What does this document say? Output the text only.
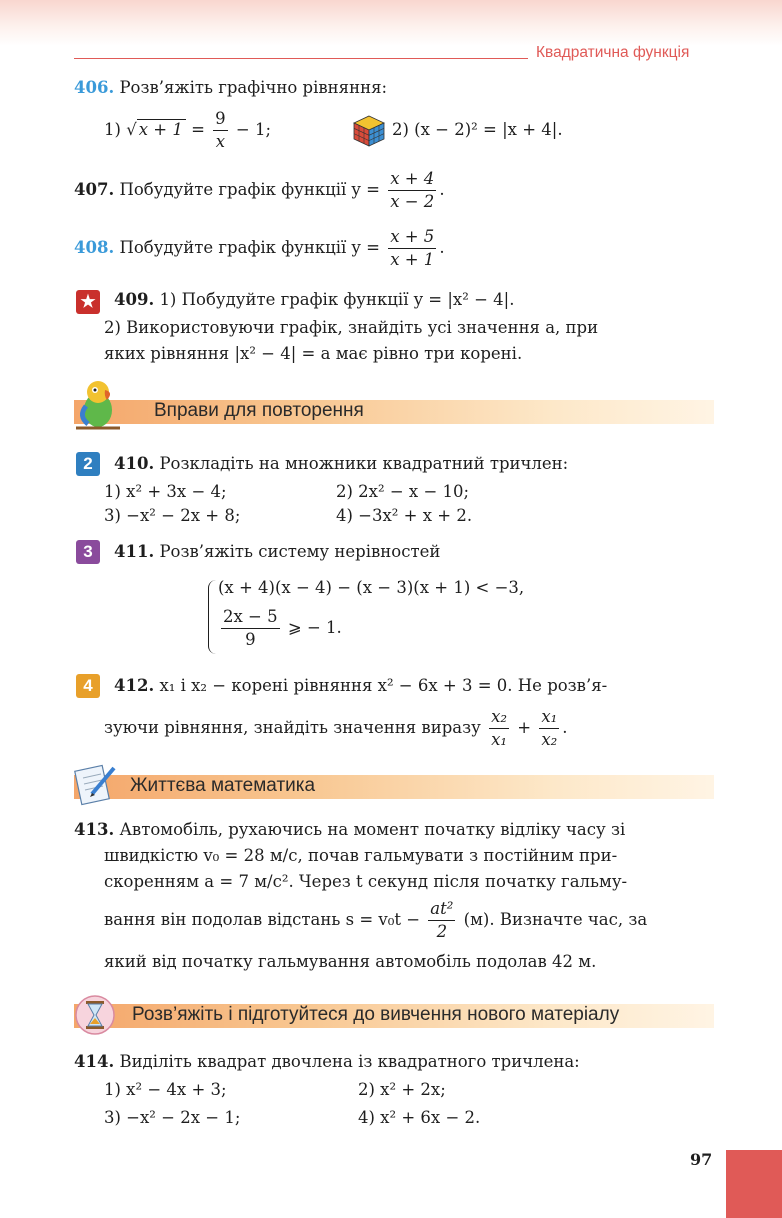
Квадратична функція
406. Розв’яжіть графічно рівняння:
1) √ $x + 1 = \frac{9}{x} - 1$;	2) (x − 2)² = |x + 4|.
407. Побудуйте графік функції $y = \frac{x + 4}{x - 2}$ .
408. Побудуйте графік функції $y = \frac{x + 5}{x + 1}$ .
★ 409. 1) Побудуйте графік функції y = |x² − 4|.
2) Використовуючи графік, знайдіть усі значення a, при
яких рівняння |x² − 4| = a має рівно три корені.
Вправи для повторення
2	410. Розкладіть на множники квадратний тричлен:
1) x² + 3x − 4;	2) 2x² − x − 10;
3) −x² − 2x + 8;	4) −3x² + x + 2.
3	411. Розв’яжіть систему нерівностей
(x + 4)(x − 4) − (x − 3)(x + 1) < −3,
$\frac{2x - 5}{9}$ ⩾ − 1.
4	412. x₁ і x₂ − корені рівняння x² − 6x + 3 = 0. Не розв’я-
зуючи рівняння, знайдіть значення виразу $\frac{\text{x₂}}{\text{x₁}} + \frac{\text{x₁}}{\text{x₂}}$ .
Життєва математика
413. Автомобіль, рухаючись на момент початку відліку часу зі
швидкістю v₀ = 28 м/с, почав гальмувати з постійним при-
скоренням a = 7 м/с². Через t секунд після початку гальму-
вання він подолав відстань $s = v_0t - \frac{\text{at²}}{2} (м)$. Визначте час, за
який від початку гальмування автомобіль подолав 42 м.
Розв’яжіть і підготуйтеся до вивчення нового матеріалу
414. Виділіть квадрат двочлена із квадратного тричлена:
1) x² − 4x + 3;	2) x² + 2x;
3) −x² − 2x − 1;	4) x² + 6x − 2.
97
